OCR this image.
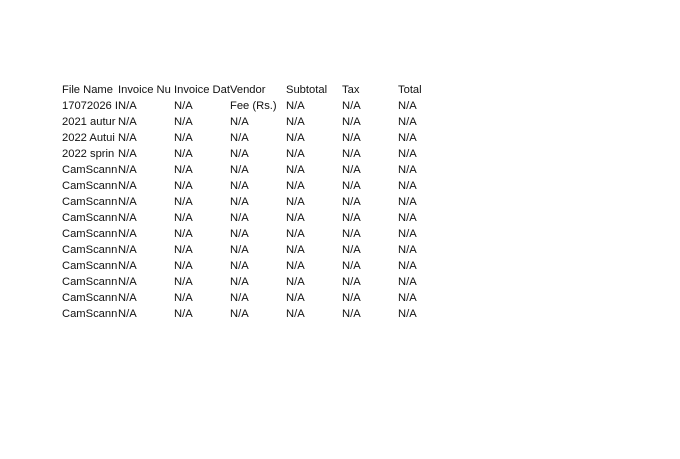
File Name	Invoice Nu	Invoice Dat	Vendor	Subtotal	Tax	Total
17072026 I	N/A	N/A	Fee (Rs.)	N/A	N/A	N/A
2021 autur	N/A	N/A	N/A	N/A	N/A	N/A
2022 Autui	N/A	N/A	N/A	N/A	N/A	N/A
2022 sprin	N/A	N/A	N/A	N/A	N/A	N/A
CamScann	N/A	N/A	N/A	N/A	N/A	N/A
CamScann	N/A	N/A	N/A	N/A	N/A	N/A
CamScann	N/A	N/A	N/A	N/A	N/A	N/A
CamScann	N/A	N/A	N/A	N/A	N/A	N/A
CamScann	N/A	N/A	N/A	N/A	N/A	N/A
CamScann	N/A	N/A	N/A	N/A	N/A	N/A
CamScann	N/A	N/A	N/A	N/A	N/A	N/A
CamScann	N/A	N/A	N/A	N/A	N/A	N/A
CamScann	N/A	N/A	N/A	N/A	N/A	N/A
CamScann	N/A	N/A	N/A	N/A	N/A	N/A
